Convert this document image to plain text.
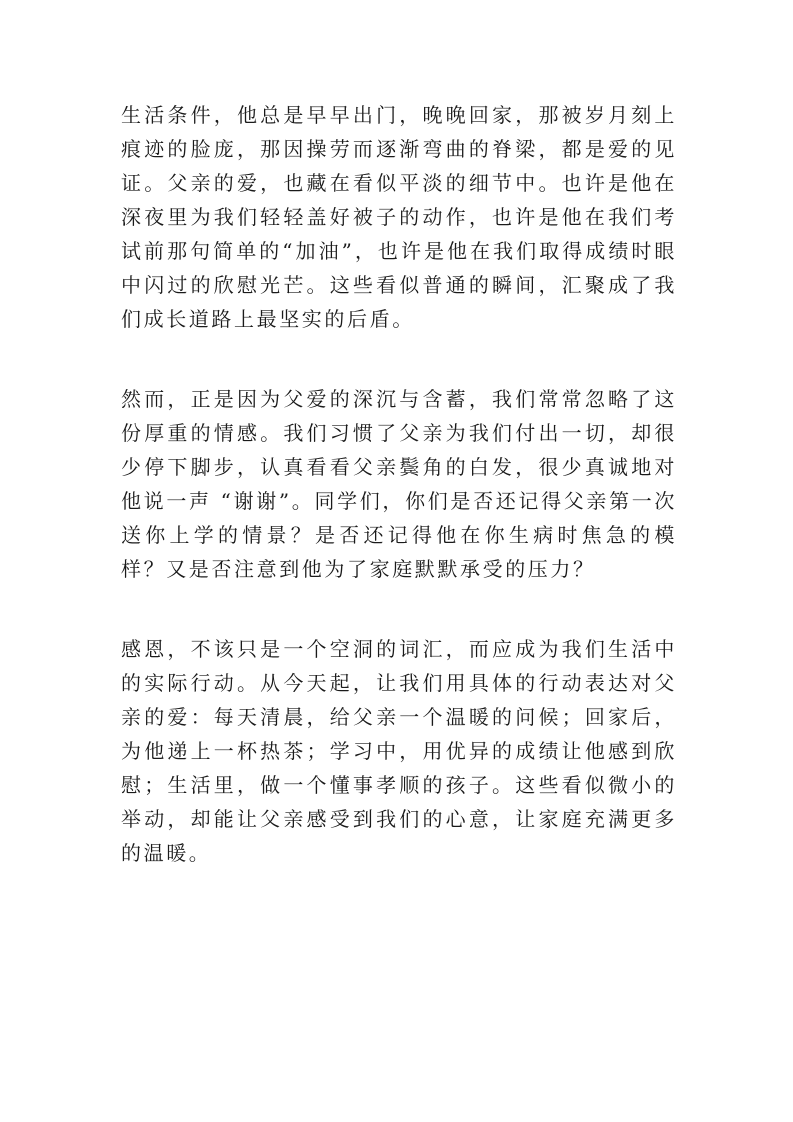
生活条件，他总是早早出门，晚晚回家，那被岁月刻上痕迹的脸庞，那因操劳而逐渐弯曲的脊梁，都是爱的见证。父亲的爱，也藏在看似平淡的细节中。也许是他在深夜里为我们轻轻盖好被子的动作，也许是他在我们考试前那句简单的“加油”，也许是他在我们取得成绩时眼中闪过的欣慰光芒。这些看似普通的瞬间，汇聚成了我们成长道路上最坚实的后盾。

然而，正是因为父爱的深沉与含蓄，我们常常忽略了这份厚重的情感。我们习惯了父亲为我们付出一切，却很少停下脚步，认真看看父亲鬓角的白发，很少真诚地对他说一声 “谢谢”。同学们，你们是否还记得父亲第一次送你上学的情景？是否还记得他在你生病时焦急的模样？又是否注意到他为了家庭默默承受的压力？

感恩，不该只是一个空洞的词汇，而应成为我们生活中的实际行动。从今天起，让我们用具体的行动表达对父亲的爱：每天清晨，给父亲一个温暖的问候；回家后，为他递上一杯热茶；学习中，用优异的成绩让他感到欣慰；生活里，做一个懂事孝顺的孩子。这些看似微小的举动，却能让父亲感受到我们的心意，让家庭充满更多的温暖。
